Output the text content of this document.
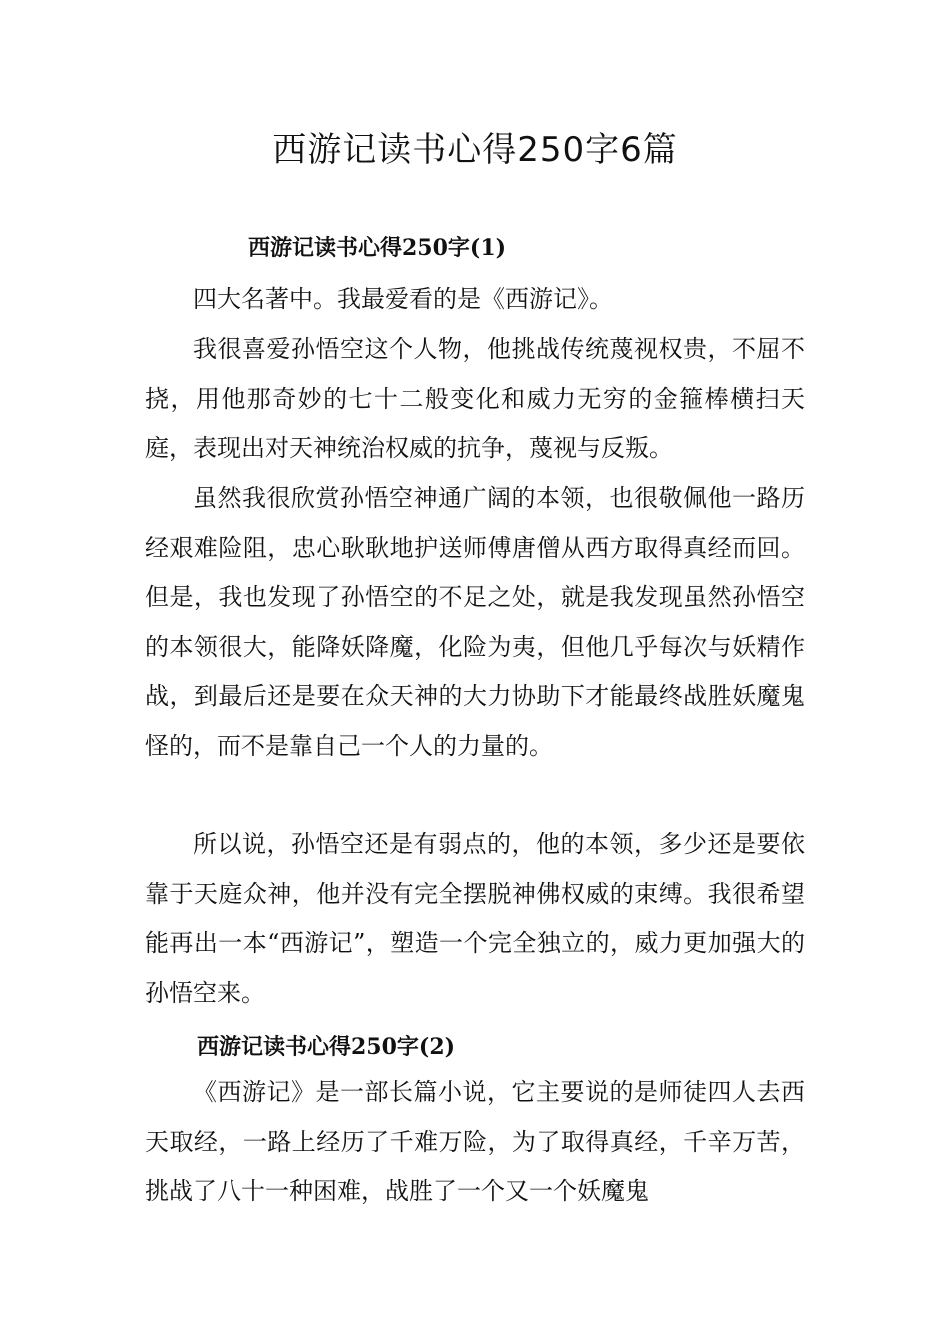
西游记读书心得250字6篇
西游记读书心得250字(1)

四大名著中。我最爱看的是《西游记》。

我很喜爱孙悟空这个人物，他挑战传统蔑视权贵，不屈不挠，用他那奇妙的七十二般变化和威力无穷的金箍棒横扫天庭，表现出对天神统治权威的抗争，蔑视与反叛。

虽然我很欣赏孙悟空神通广阔的本领，也很敬佩他一路历经艰难险阻，忠心耿耿地护送师傅唐僧从西方取得真经而回。但是，我也发现了孙悟空的不足之处，就是我发现虽然孙悟空的本领很大，能降妖降魔，化险为夷，但他几乎每次与妖精作战，到最后还是要在众天神的大力协助下才能最终战胜妖魔鬼怪的，而不是靠自己一个人的力量的。

所以说，孙悟空还是有弱点的，他的本领，多少还是要依靠于天庭众神，他并没有完全摆脱神佛权威的束缚。我很希望能再出一本“西游记”，塑造一个完全独立的，威力更加强大的孙悟空来。

西游记读书心得250字(2)

《西游记》是一部长篇小说，它主要说的是师徒四人去西天取经，一路上经历了千难万险，为了取得真经，千辛万苦，挑战了八十一种困难，战胜了一个又一个妖魔鬼
